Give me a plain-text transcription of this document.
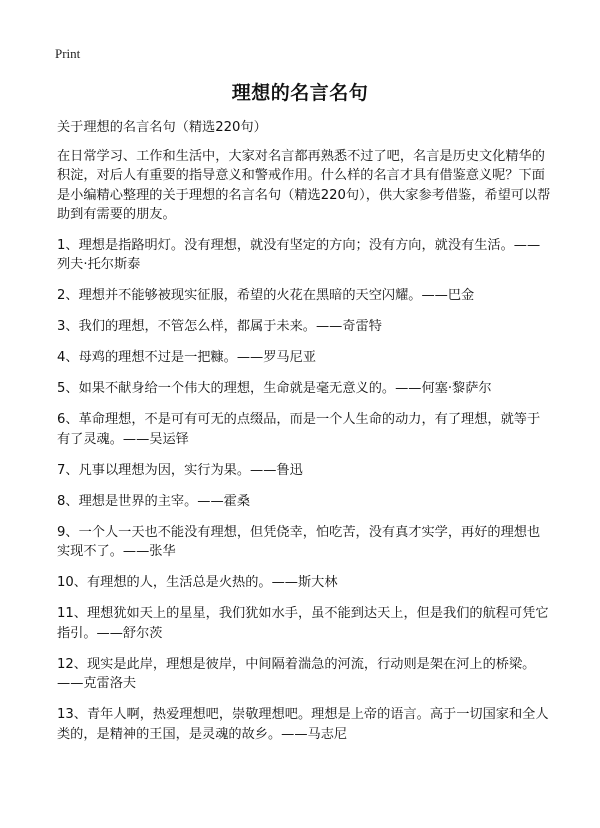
Print
理想的名言名句

关于理想的名言名句（精选220句）

在日常学习、工作和生活中，大家对名言都再熟悉不过了吧，名言是历史文化精华的积淀，对后人有重要的指导意义和警戒作用。什么样的名言才具有借鉴意义呢？下面是小编精心整理的关于理想的名言名句（精选220句），供大家参考借鉴，希望可以帮助到有需要的朋友。

1、理想是指路明灯。没有理想，就没有坚定的方向；没有方向，就没有生活。——列夫·托尔斯泰
2、理想并不能够被现实征服，希望的火花在黑暗的天空闪耀。——巴金
3、我们的理想，不管怎么样，都属于未来。——奇雷特
4、母鸡的理想不过是一把糠。——罗马尼亚
5、如果不献身给一个伟大的理想，生命就是毫无意义的。——何塞·黎萨尔
6、革命理想，不是可有可无的点缀品，而是一个人生命的动力，有了理想，就等于有了灵魂。——吴运铎
7、凡事以理想为因，实行为果。——鲁迅
8、理想是世界的主宰。——霍桑
9、一个人一天也不能没有理想，但凭侥幸，怕吃苦，没有真才实学，再好的理想也实现不了。——张华
10、有理想的人，生活总是火热的。——斯大林
11、理想犹如天上的星星，我们犹如水手，虽不能到达天上，但是我们的航程可凭它指引。——舒尔茨
12、现实是此岸，理想是彼岸，中间隔着湍急的河流，行动则是架在河上的桥梁。——克雷洛夫
13、青年人啊，热爱理想吧，崇敬理想吧。理想是上帝的语言。高于一切国家和全人类的，是精神的王国，是灵魂的故乡。——马志尼
